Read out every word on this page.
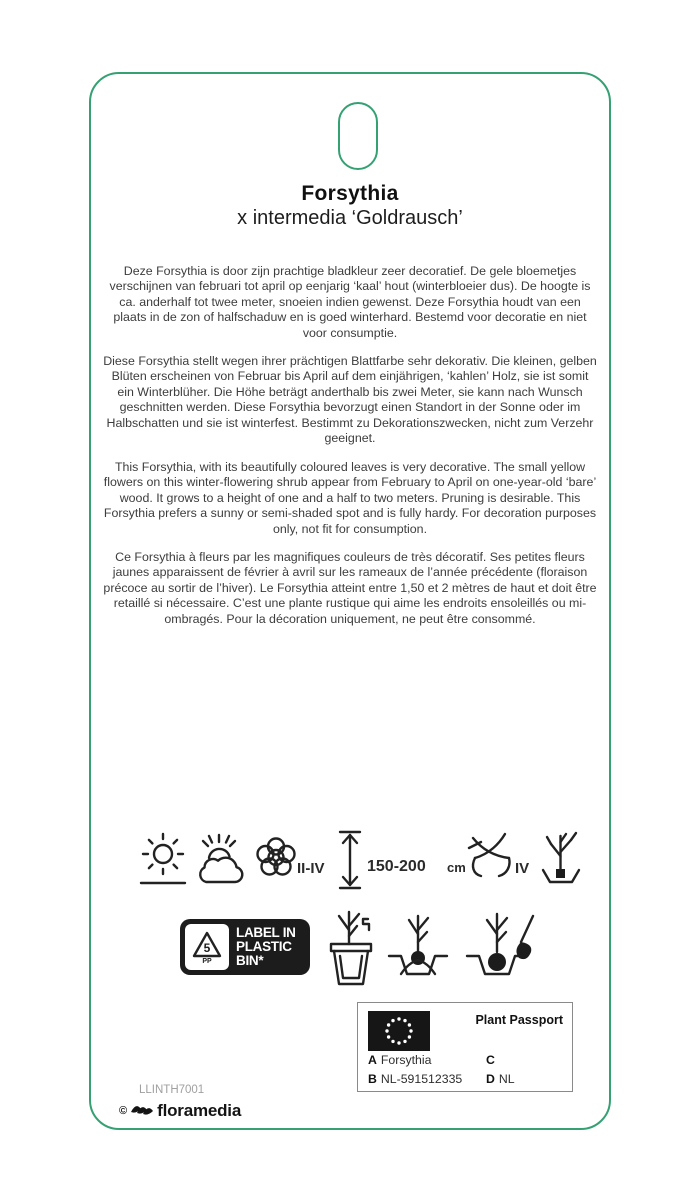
Forsythia
x intermedia ‘Goldrausch’
Deze Forsythia is door zijn prachtige bladkleur zeer decoratief. De gele bloemetjes verschijnen van februari tot april op eenjarig ‘kaal’ hout (winterbloeier dus). De hoogte is ca. anderhalf tot twee meter, snoeien indien gewenst. Deze Forsythia houdt van een plaats in de zon of halfschaduw en is goed winterhard. Bestemd voor decoratie en niet voor consumptie.
Diese Forsythia stellt wegen ihrer prächtigen Blattfarbe sehr dekorativ. Die kleinen, gelben Blüten erscheinen von Februar bis April auf dem einjährigen, ‘kahlen’ Holz, sie ist somit ein Winterblüher. Die Höhe beträgt anderthalb bis zwei Meter, sie kann nach Wunsch geschnitten werden. Diese Forsythia bevorzugt einen Standort in der Sonne oder im Halbschatten und sie ist winterfest. Bestimmt zu Dekorationszwecken, nicht zum Verzehr geeignet.
This Forsythia, with its beautifully coloured leaves is very decorative. The small yellow flowers on this winter-flowering shrub appear from February to April on one-year-old ‘bare’ wood. It grows to a height of one and a half to two meters. Pruning is desirable. This Forsythia prefers a sunny or semi-shaded spot and is fully hardy. For decoration purposes only, not fit for consumption.
Ce Forsythia à fleurs par les magnifiques couleurs de très décoratif. Ses petites fleurs jaunes apparaissent de février à avril sur les rameaux de l’année précédente (floraison précoce au sortir de l’hiver). Le Forsythia atteint entre 1,50 et 2 mètres de haut et doit être retaillé si nécessaire. C’est une plante rustique qui aime les endroits ensoleillés ou mi-ombragés. Pour la décoration uniquement, ne peut être consommé.
II-IV	150-200 cm	IV
5
PP
LABEL IN
PLASTIC
BIN*
Plant Passport
A Forsythia
B NL-591512335
C
D NL
LLINTH7001
© floramedia
